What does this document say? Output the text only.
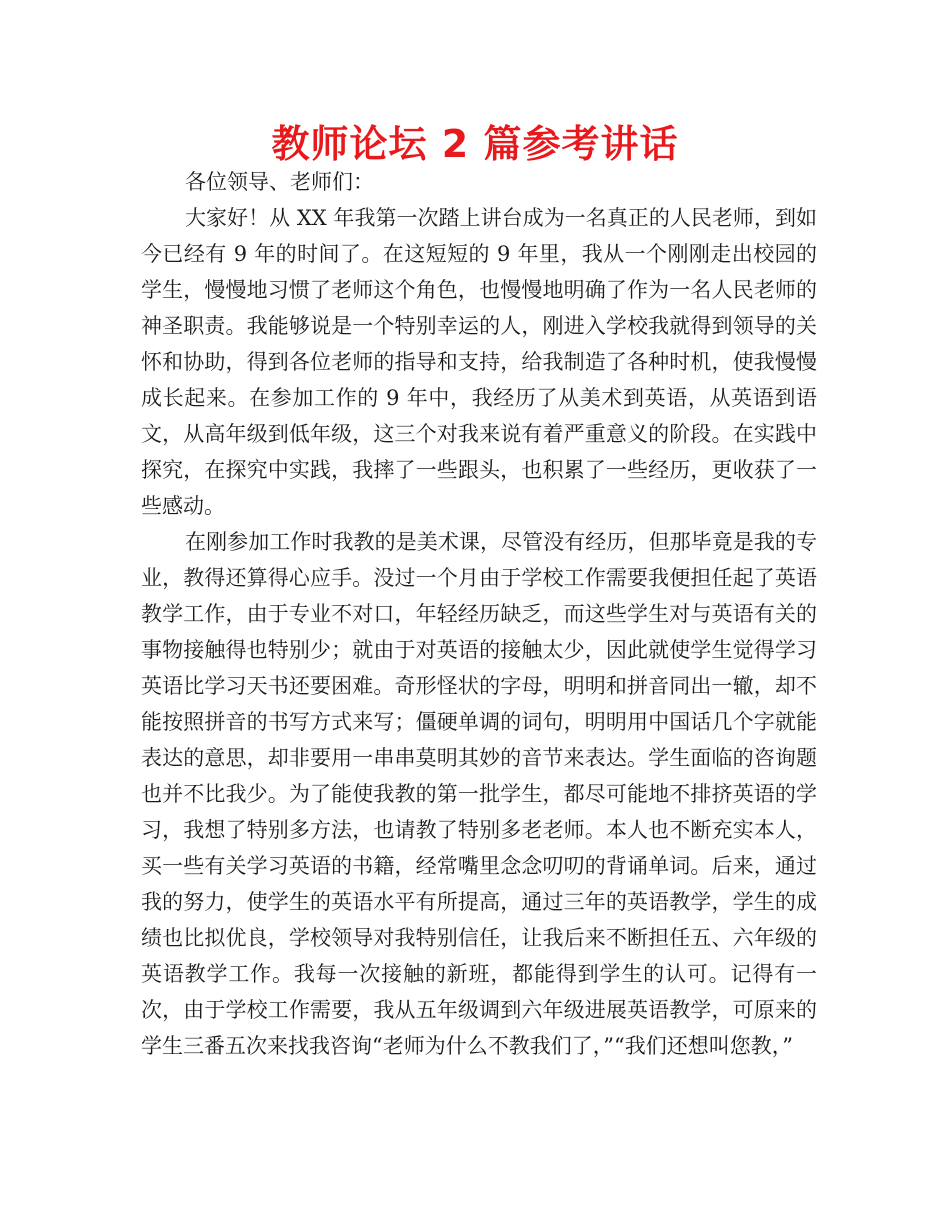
教师论坛 2 篇参考讲话

各位领导、老师们：

大家好！从 XX 年我第一次踏上讲台成为一名真正的人民老师，到如今已经有 9 年的时间了。在这短短的 9 年里，我从一个刚刚走出校园的学生，慢慢地习惯了老师这个角色，也慢慢地明确了作为一名人民老师的神圣职责。我能够说是一个特别幸运的人，刚进入学校我就得到领导的关怀和协助，得到各位老师的指导和支持，给我制造了各种时机，使我慢慢成长起来。在参加工作的 9 年中，我经历了从美术到英语，从英语到语文，从高年级到低年级，这三个对我来说有着严重意义的阶段。在实践中探究，在探究中实践，我摔了一些跟头，也积累了一些经历，更收获了一些感动。

在刚参加工作时我教的是美术课，尽管没有经历，但那毕竟是我的专业，教得还算得心应手。没过一个月由于学校工作需要我便担任起了英语教学工作，由于专业不对口，年轻经历缺乏，而这些学生对与英语有关的事物接触得也特别少；就由于对英语的接触太少，因此就使学生觉得学习英语比学习天书还要困难。奇形怪状的字母，明明和拼音同出一辙，却不能按照拼音的书写方式来写；僵硬单调的词句，明明用中国话几个字就能表达的意思，却非要用一串串莫明其妙的音节来表达。学生面临的咨询题也并不比我少。为了能使我教的第一批学生，都尽可能地不排挤英语的学习，我想了特别多方法，也请教了特别多老老师。本人也不断充实本人，买一些有关学习英语的书籍，经常嘴里念念叨叨的背诵单词。后来，通过我的努力，使学生的英语水平有所提高，通过三年的英语教学，学生的成绩也比拟优良，学校领导对我特别信任，让我后来不断担任五、六年级的英语教学工作。我每一次接触的新班，都能得到学生的认可。记得有一次，由于学校工作需要，我从五年级调到六年级进展英语教学，可原来的学生三番五次来找我咨询“老师为什么不教我们了，”“我们还想叫您教，”
